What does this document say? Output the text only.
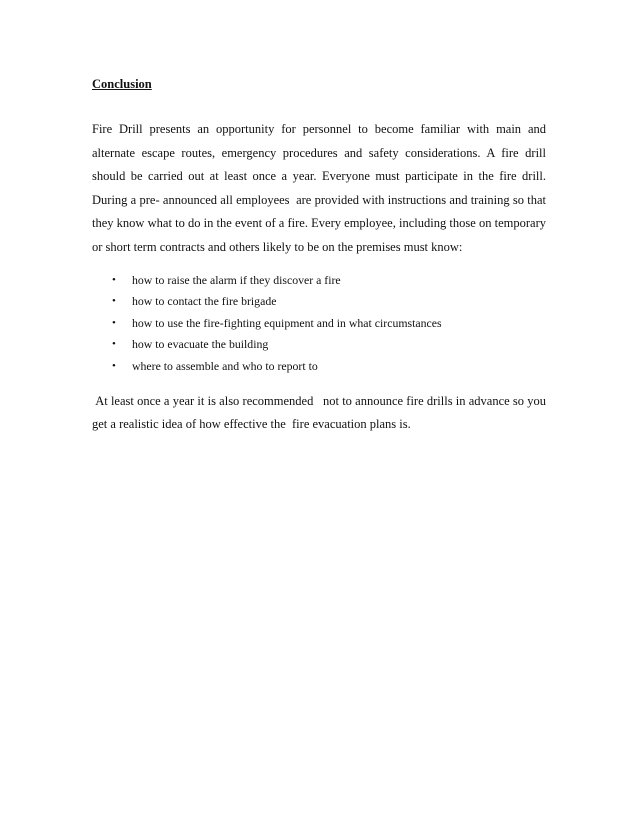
Conclusion

Fire Drill presents an opportunity for personnel to become familiar with main and alternate escape routes, emergency procedures and safety considerations. A fire drill should be carried out at least once a year. Everyone must participate in the fire drill. During a pre- announced all employees  are provided with instructions and training so that they know what to do in the event of a fire. Every employee, including those on temporary or short term contracts and others likely to be on the premises must know:

• how to raise the alarm if they discover a fire
• how to contact the fire brigade
• how to use the fire-fighting equipment and in what circumstances
• how to evacuate the building
• where to assemble and who to report to

At least once a year it is also recommended   not to announce fire drills in advance so you get a realistic idea of how effective the  fire evacuation plans is.
